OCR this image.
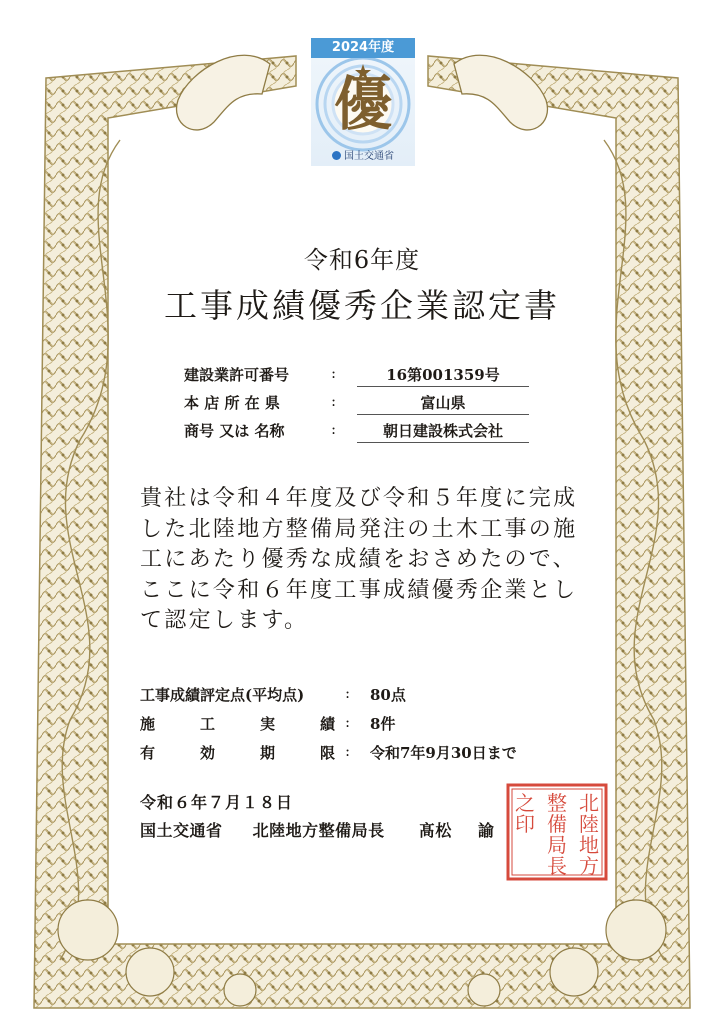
2024年度
優
国土交通省
令和6年度
工事成績優秀企業認定書
建設業許可番号	:	16第001359号
本 店 所 在 県	:	富山県
商号 又は 名称	:	朝日建設株式会社
貴社は令和４年度及び令和５年度に完成
した北陸地方整備局発注の土木工事の施
工にあたり優秀な成績をおさめたので、
ここに令和６年度工事成績優秀企業とし
て認定します。
工事成績評定点(平均点)	: 80点
施	工	実	績 : 8件
有	効	期	限 : 令和7年9月30日まで
令和６年７月１８日
国土交通省 北陸地方整備局長 髙松 諭
北
陸
地
方
整
備
局
長
之
印
